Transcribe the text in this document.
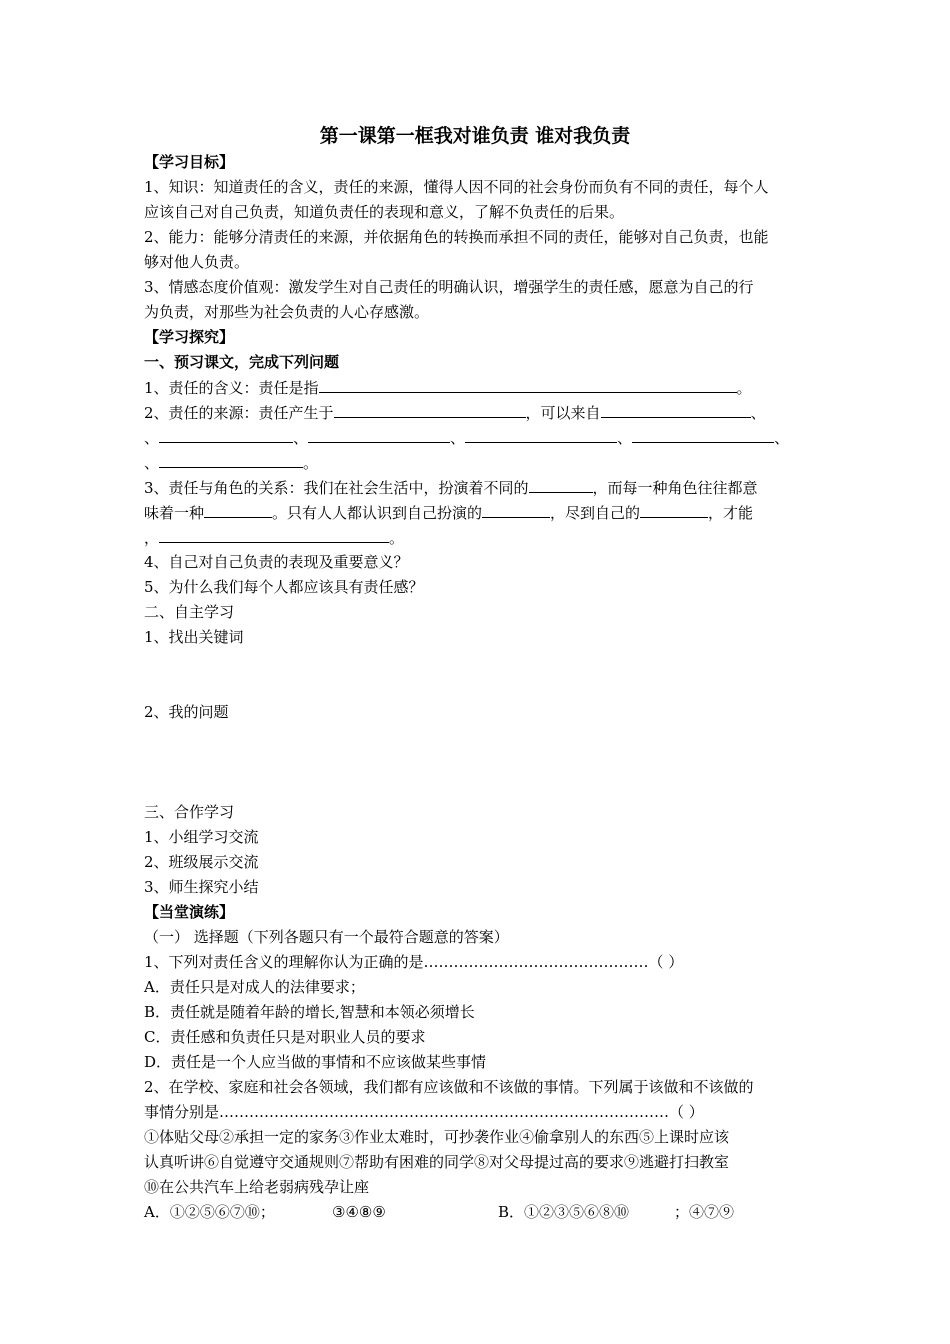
第一课第一框我对谁负责 谁对我负责
【学习目标】
1、知识：知道责任的含义，责任的来源，懂得人因不同的社会身份而负有不同的责任，每个人
应该自己对自己负责，知道负责任的表现和意义，了解不负责任的后果。
2、能力：能够分清责任的来源，并依据角色的转换而承担不同的责任，能够对自己负责，也能
够对他人负责。
3、情感态度价值观：激发学生对自己责任的明确认识，增强学生的责任感，愿意为自己的行
为负责，对那些为社会负责的人心存感激。
【学习探究】
一、预习课文，完成下列问题
1、责任的含义：责任是指	。
2、责任的来源：责任产生于	，可以来自	、
、	、	、	、	、
、	。
3、责任与角色的关系：我们在社会生活中，扮演着不同的	，而每一种角色往往都意
味着一种	。只有人人都认识到自己扮演的	，尽到自己的	，才能
，	。
4、自己对自己负责的表现及重要意义？
5、为什么我们每个人都应该具有责任感？
二、自主学习
1、找出关键词
2、我的问题
三、合作学习
1、小组学习交流
2、班级展示交流
3、师生探究小结
【当堂演练】
（一） 选择题（下列各题只有一个最符合题意的答案）
1、下列对责任含义的理解你认为正确的是………………………………………（ ）
A．责任只是对成人的法律要求；
B．责任就是随着年龄的增长,智慧和本领必须增长
C．责任感和负责任只是对职业人员的要求
D．责任是一个人应当做的事情和不应该做某些事情
2、在学校、家庭和社会各领域，我们都有应该做和不该做的事情。下列属于该做和不该做的
事情分别是………………………………………………………………………………（ ）
①体贴父母②承担一定的家务③作业太难时，可抄袭作业④偷拿别人的东西⑤上课时应该
认真听讲⑥自觉遵守交通规则⑦帮助有困难的同学⑧对父母提过高的要求⑨逃避打扫教室
⑩在公共汽车上给老弱病残孕让座
A．①②⑤⑥⑦⑩；	③④⑧⑨	B．①②③⑤⑥⑧⑩	；④⑦⑨
